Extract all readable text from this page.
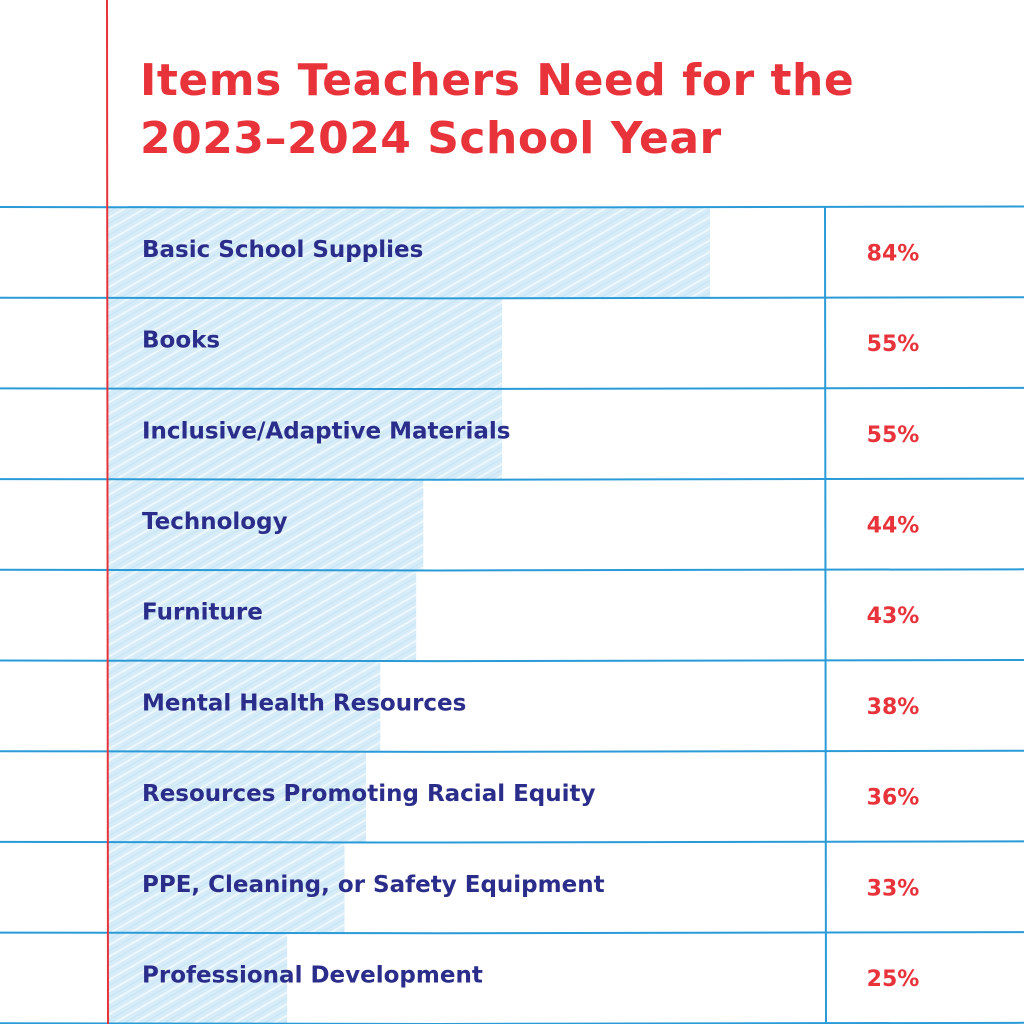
Items Teachers Need for the
2023–2024 School Year
Basic School Supplies	84%
Books	55%
Inclusive/Adaptive Materials	55%
Technology	44%
Furniture	43%
Mental Health Resources	38%
Resources Promoting Racial Equity	36%
PPE, Cleaning, or Safety Equipment	33%
Professional Development	25%
